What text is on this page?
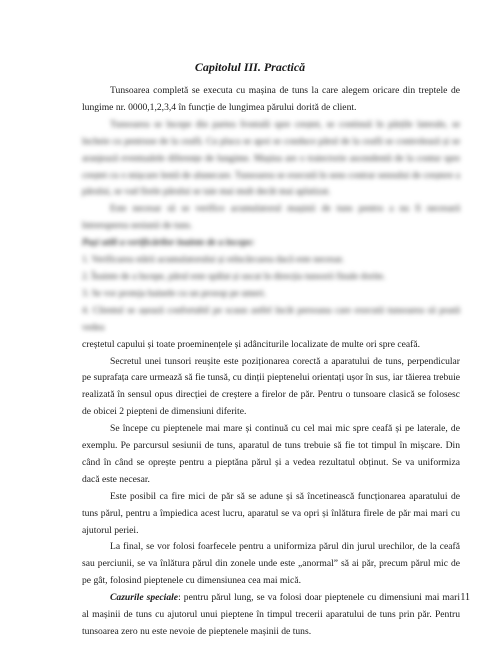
Capitolul III. Practică

Tunsoarea completă se executa cu mașina de tuns la care alegem oricare din treptele de lungime nr. 0000,1,2,3,4 în funcție de lungimea părului dorită de client.

Tunsoarea se începe din partea frontală spre creștet, se continuă în părțile laterale, se încheie cu pentruse de la ceafă. Cu placa se apoi se conduce părul de la ceafă se controlează și se aranjează eventualele diferențe de lungime. Mașina are o traiectorie ascendentă de la contur spre creștet cu o mișcare lentă de alunecare. Tunsoarea se execută în sens contrar sensului de creștere a părului, se vad firele părului se taie mai mult decât mai aplatizat.

Este necesar să se verifice acumulatorul mașinii de tuns pentru a nu fi necesară întreruperea sesiunii de tuns.

Pași utili a verificărilor înainte de a începe:

1. Verificarea stării acumulatorului și reîncărcarea dacă este necesar.

2. Înainte de a începe, părul este spălat și uscat în direcția tunsorii finale dorite.

3. Se vor proteja hainele cu un prosop pe umeri.

4. Clientul se așează confortabil pe scaun astfel încât persoana care execută tunsoarea să poată vedea

creștetul capului și toate proeminențele și adânciturile localizate de multe ori spre ceafă.

Secretul unei tunsori reușite este poziționarea corectă a aparatului de tuns, perpendicular pe suprafața care urmează să fie tunsă, cu dinții pieptenelui orientați ușor în sus, iar tăierea trebuie realizată în sensul opus direcției de creștere a firelor de păr. Pentru o tunsoare clasică se folosesc de obicei 2 piepteni de dimensiuni diferite.

Se începe cu pieptenele mai mare și continuă cu cel mai mic spre ceafă și pe laterale, de exemplu. Pe parcursul sesiunii de tuns, aparatul de tuns trebuie să fie tot timpul în mișcare. Din când în când se oprește pentru a pieptăna părul și a vedea rezultatul obținut. Se va uniformiza dacă este necesar.

Este posibil ca fire mici de păr să se adune și să încetinească funcționarea aparatului de tuns părul, pentru a împiedica acest lucru, aparatul se va opri și înlătura firele de păr mai mari cu ajutorul periei.

La final, se vor folosi foarfecele pentru a uniformiza părul din jurul urechilor, de la ceafă sau perciunii, se va înlătura părul din zonele unde este „anormal” să ai păr, precum părul mic de pe gât, folosind pieptenele cu dimensiunea cea mai mică.

Cazurile speciale: pentru părul lung, se va folosi doar pieptenele cu dimensiuni mai mari al mașinii de tuns cu ajutorul unui pieptene în timpul trecerii aparatului de tuns prin păr. Pentru tunsoarea zero nu este nevoie de pieptenele mașinii de tuns.

11
